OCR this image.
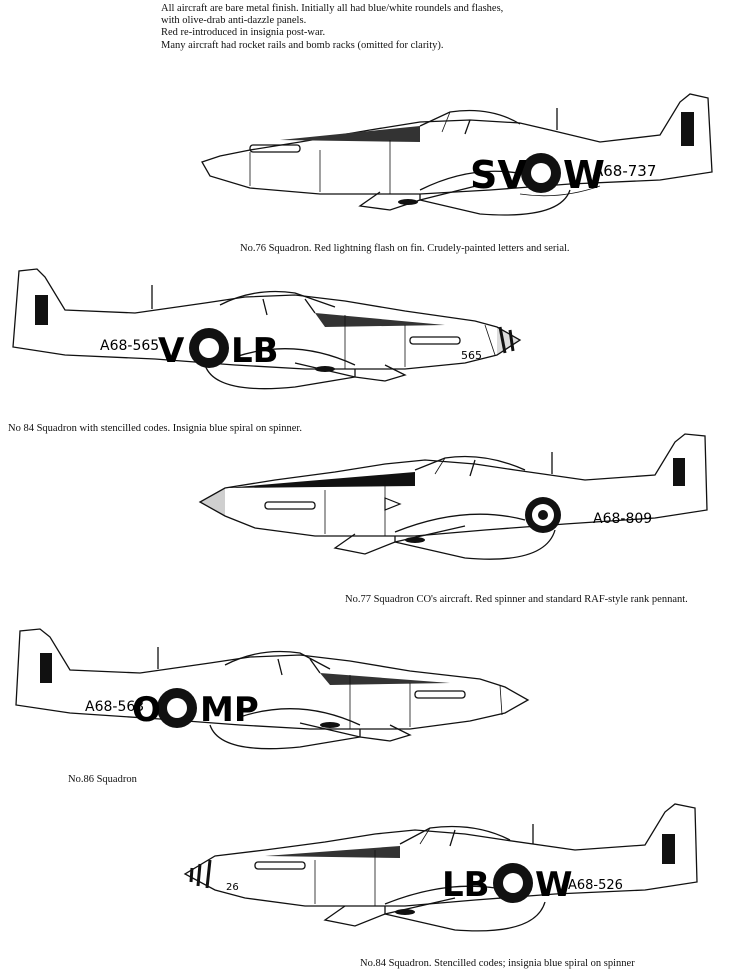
All aircraft are bare metal finish. Initially all had blue/white roundels and flashes,
with olive-drab anti-dazzle panels.
Red re-introduced in insignia post-war.
Many aircraft had rocket rails and bomb racks (omitted for clarity).
SV W
A68-737
No.76 Squadron. Red lightning flash on fin. Crudely-painted letters and serial.
V LB
A68-565
565
No 84 Squadron with stencilled codes. Insignia blue spiral on spinner.
A68-809
No.77 Squadron CO's aircraft. Red spinner and standard RAF-style rank pennant.
O MP
A68-563
No.86 Squadron
LB W
A68-526
26
No.84 Squadron. Stencilled codes; insignia blue spiral on spinner
